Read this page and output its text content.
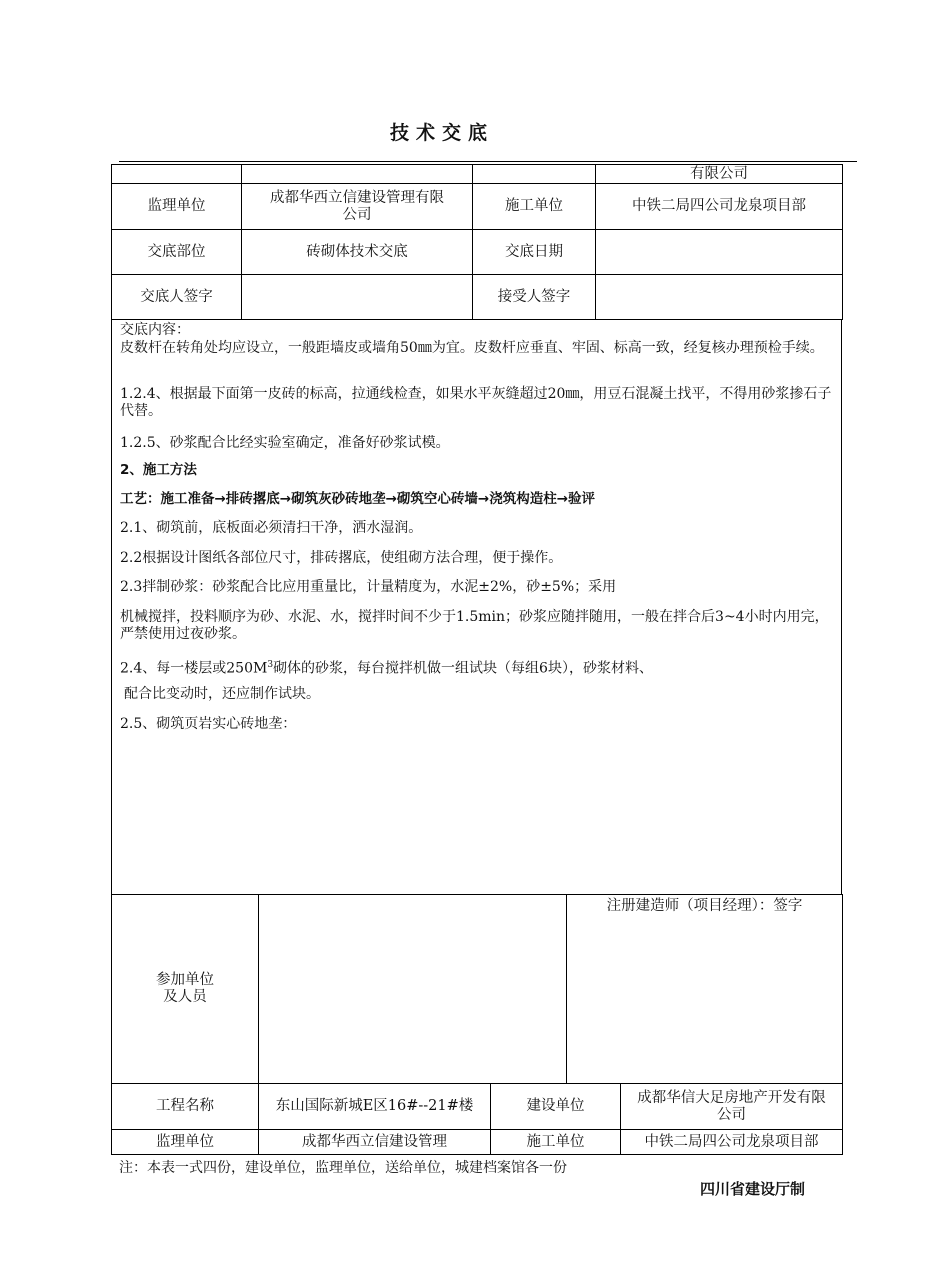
技术交底
			有限公司
监理单位	成都华西立信建设管理有限公司	施工单位	中铁二局四公司龙泉项目部
交底部位	砖砌体技术交底	交底日期	
交底人签字		接受人签字	
交底内容：
皮数杆在转角处均应设立，一般距墙皮或墙角50㎜为宜。皮数杆应垂直、牢固、标高一致，经复核办理预检手续。
1.2.4、根据最下面第一皮砖的标高，拉通线检查，如果水平灰缝超过20㎜，用豆石混凝土找平，不得用砂浆掺石子代替。
1.2.5、砂浆配合比经实验室确定，准备好砂浆试模。
2、施工方法
工艺：施工准备→排砖撂底→砌筑灰砂砖地垄→砌筑空心砖墙→浇筑构造柱→验评
2.1、砌筑前，底板面必须清扫干净，洒水湿润。
2.2根据设计图纸各部位尺寸，排砖撂底，使组砌方法合理，便于操作。
2.3拌制砂浆：砂浆配合比应用重量比，计量精度为，水泥±2%，砂±5%；采用
机械搅拌，投料顺序为砂、水泥、水，搅拌时间不少于1.5min；砂浆应随拌随用，一般在拌合后3~4小时内用完，严禁使用过夜砂浆。
2.4、每一楼层或$250M^3$砌体的砂浆，每台搅拌机做一组试块（每组6块），砂浆材料、
配合比变动时，还应制作试块。
2.5、砌筑页岩实心砖地垄：
参加单位及人员			注册建造师（项目经理）：签字	
工程名称	东山国际新城E区16#--21#楼	建设单位		成都华信大足房地产开发有限公司
监理单位	成都华西立信建设管理	施工单位		中铁二局四公司龙泉项目部
注：本表一式四份，建设单位，监理单位，送给单位，城建档案馆各一份
四川省建设厅制
